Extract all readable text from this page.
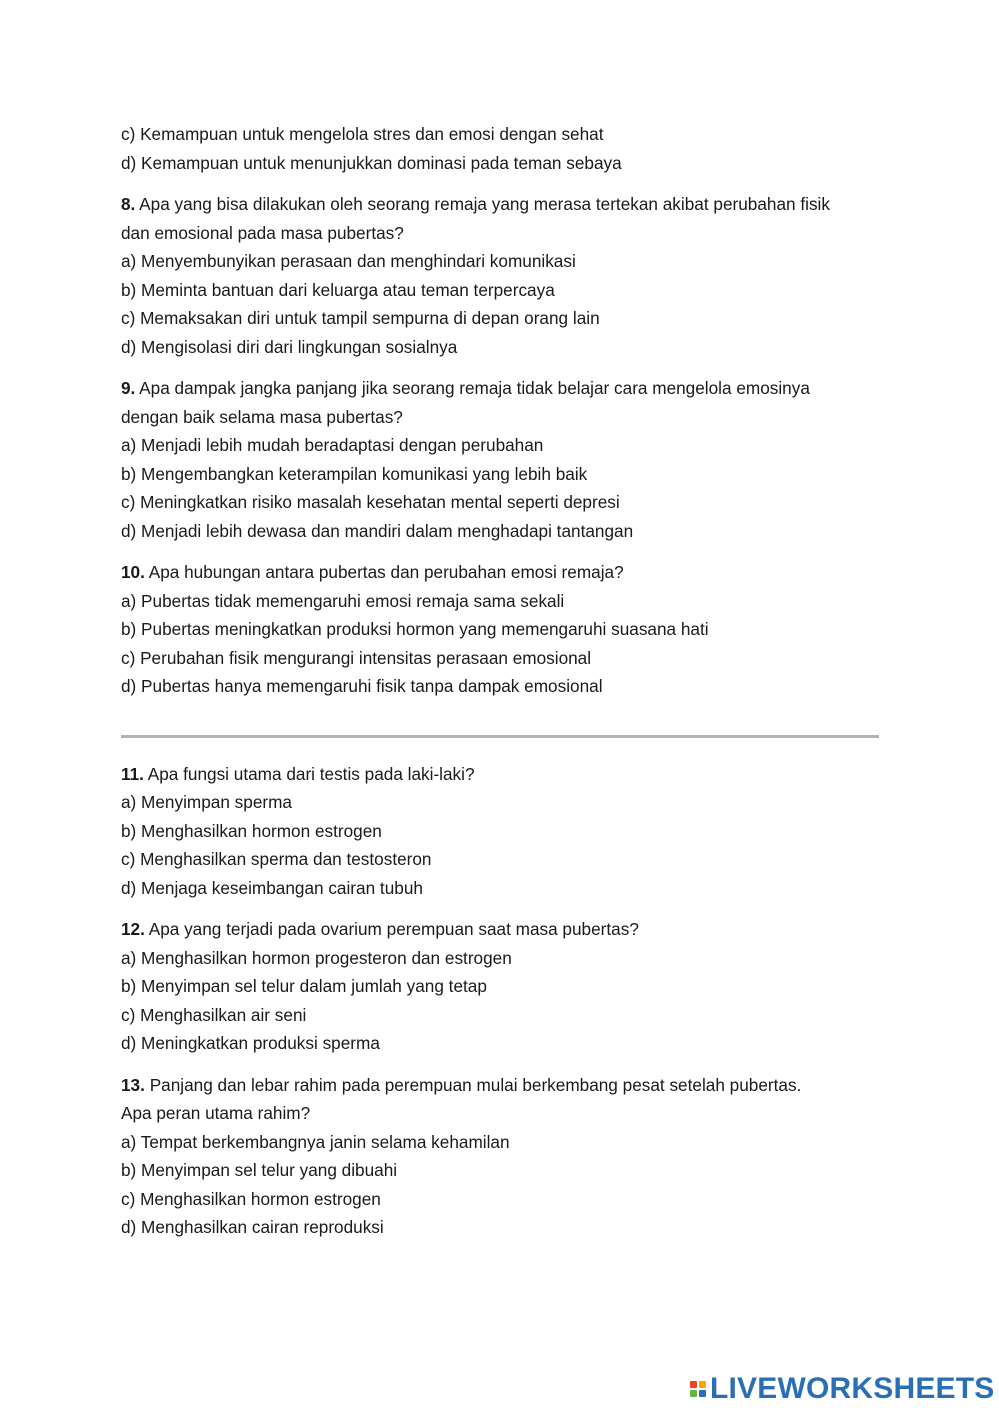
c) Kemampuan untuk mengelola stres dan emosi dengan sehat
d) Kemampuan untuk menunjukkan dominasi pada teman sebaya
8. Apa yang bisa dilakukan oleh seorang remaja yang merasa tertekan akibat perubahan fisik
dan emosional pada masa pubertas?
a) Menyembunyikan perasaan dan menghindari komunikasi
b) Meminta bantuan dari keluarga atau teman terpercaya
c) Memaksakan diri untuk tampil sempurna di depan orang lain
d) Mengisolasi diri dari lingkungan sosialnya
9. Apa dampak jangka panjang jika seorang remaja tidak belajar cara mengelola emosinya
dengan baik selama masa pubertas?
a) Menjadi lebih mudah beradaptasi dengan perubahan
b) Mengembangkan keterampilan komunikasi yang lebih baik
c) Meningkatkan risiko masalah kesehatan mental seperti depresi
d) Menjadi lebih dewasa dan mandiri dalam menghadapi tantangan
10. Apa hubungan antara pubertas dan perubahan emosi remaja?
a) Pubertas tidak memengaruhi emosi remaja sama sekali
b) Pubertas meningkatkan produksi hormon yang memengaruhi suasana hati
c) Perubahan fisik mengurangi intensitas perasaan emosional
d) Pubertas hanya memengaruhi fisik tanpa dampak emosional
11. Apa fungsi utama dari testis pada laki-laki?
a) Menyimpan sperma
b) Menghasilkan hormon estrogen
c) Menghasilkan sperma dan testosteron
d) Menjaga keseimbangan cairan tubuh
12. Apa yang terjadi pada ovarium perempuan saat masa pubertas?
a) Menghasilkan hormon progesteron dan estrogen
b) Menyimpan sel telur dalam jumlah yang tetap
c) Menghasilkan air seni
d) Meningkatkan produksi sperma
13. Panjang dan lebar rahim pada perempuan mulai berkembang pesat setelah pubertas.
Apa peran utama rahim?
a) Tempat berkembangnya janin selama kehamilan
b) Menyimpan sel telur yang dibuahi
c) Menghasilkan hormon estrogen
d) Menghasilkan cairan reproduksi
LIVEWORKSHEETS
